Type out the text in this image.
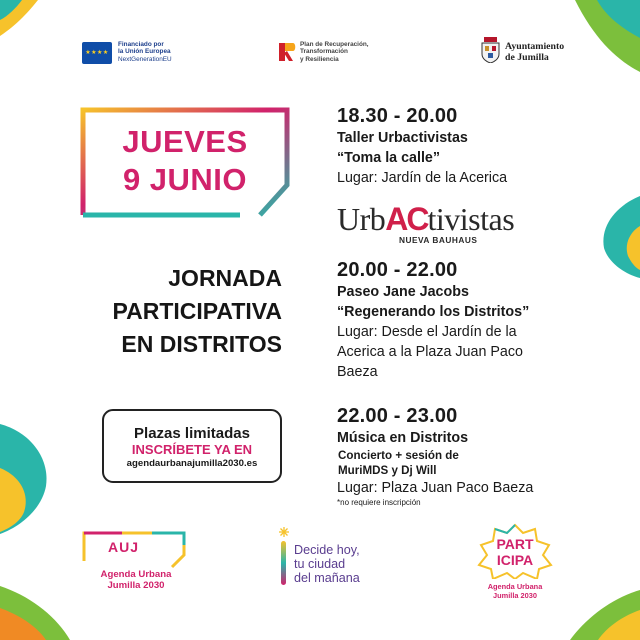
★★★★
Financiado por
la Unión Europea
NextGenerationEU
Plan de Recuperación,
Transformación
y Resiliencia
Ayuntamiento
de Jumilla
JUEVES
9 JUNIO
JORNADA
PARTICIPATIVA
EN DISTRITOS
Plazas limitadas
INSCRÍBETE YA EN
agendaurbanajumilla2030.es
18.30 - 20.00
Taller Urbactivistas
“Toma la calle”
Lugar: Jardín de la Acerica
UrbACtivistas
NUEVA BAUHAUS
20.00 - 22.00
Paseo Jane Jacobs
“Regenerando los Distritos”
Lugar: Desde el Jardín de la
Acerica a la Plaza Juan Paco
Baeza
22.00 - 23.00
Música en Distritos
Concierto + sesión de
MuriMDS y Dj Will
Lugar: Plaza Juan Paco Baeza
*no requiere inscripción
AUJ
Agenda Urbana
Jumilla 2030
Decide hoy,
tu ciudad
del mañana
PART
ICIPA
Agenda Urbana
Jumilla 2030
